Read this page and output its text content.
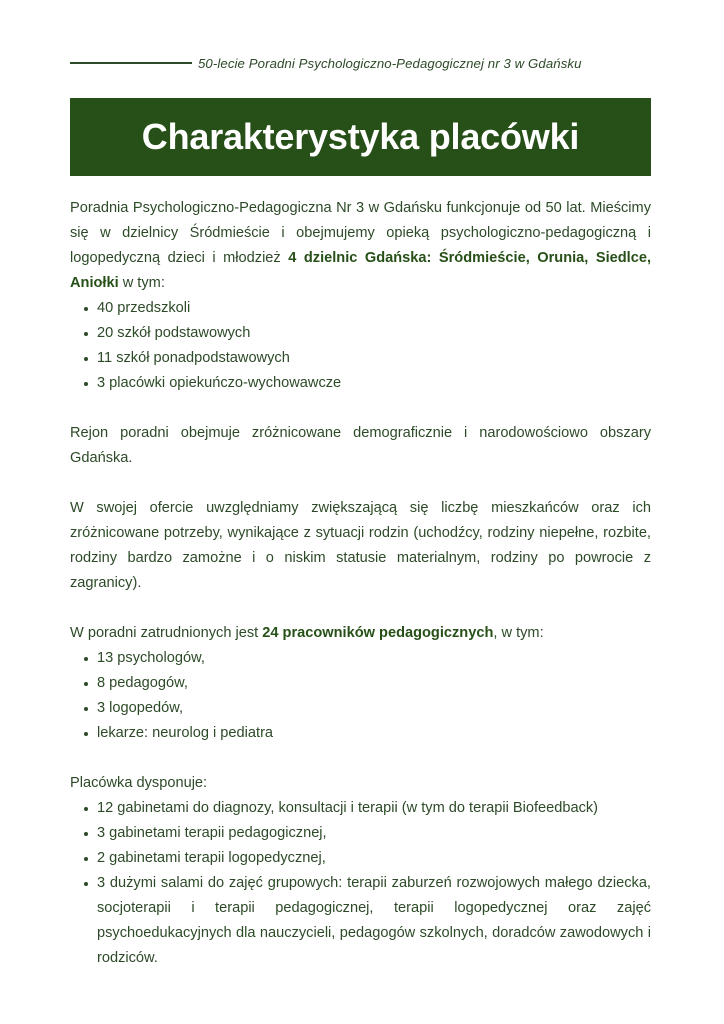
50-lecie Poradni Psychologiczno-Pedagogicznej nr 3 w Gdańsku
Charakterystyka placówki

Poradnia Psychologiczno-Pedagogiczna Nr 3 w Gdańsku funkcjonuje od 50 lat. Mieścimy się w dzielnicy Śródmieście i obejmujemy opieką psychologiczno-pedagogiczną i logopedyczną dzieci i młodzież 4 dzielnic Gdańska: Śródmieście, Orunia, Siedlce, Aniołki w tym:

40 przedszkoli
20 szkół podstawowych
11 szkół ponadpodstawowych
3 placówki opiekuńczo-wychowawcze

Rejon poradni obejmuje zróżnicowane demograficznie i narodowościowo obszary Gdańska.

W swojej ofercie uwzględniamy zwiększającą się liczbę mieszkańców oraz ich zróżnicowane potrzeby, wynikające z sytuacji rodzin (uchodźcy, rodziny niepełne, rozbite, rodziny bardzo zamożne i o niskim statusie materialnym, rodziny po powrocie z zagranicy).

W poradni zatrudnionych jest 24 pracowników pedagogicznych, w tym:

13 psychologów,
8 pedagogów,
3 logopedów,
lekarze: neurolog i pediatra

Placówka dysponuje:

12 gabinetami do diagnozy, konsultacji i terapii (w tym do terapii Biofeedback)
3 gabinetami terapii pedagogicznej,
2 gabinetami terapii logopedycznej,
3 dużymi salami do zajęć grupowych: terapii zaburzeń rozwojowych małego dziecka, socjoterapii i terapii pedagogicznej, terapii logopedycznej oraz zajęć psychoedukacyjnych dla nauczycieli, pedagogów szkolnych, doradców zawodowych i rodziców.
